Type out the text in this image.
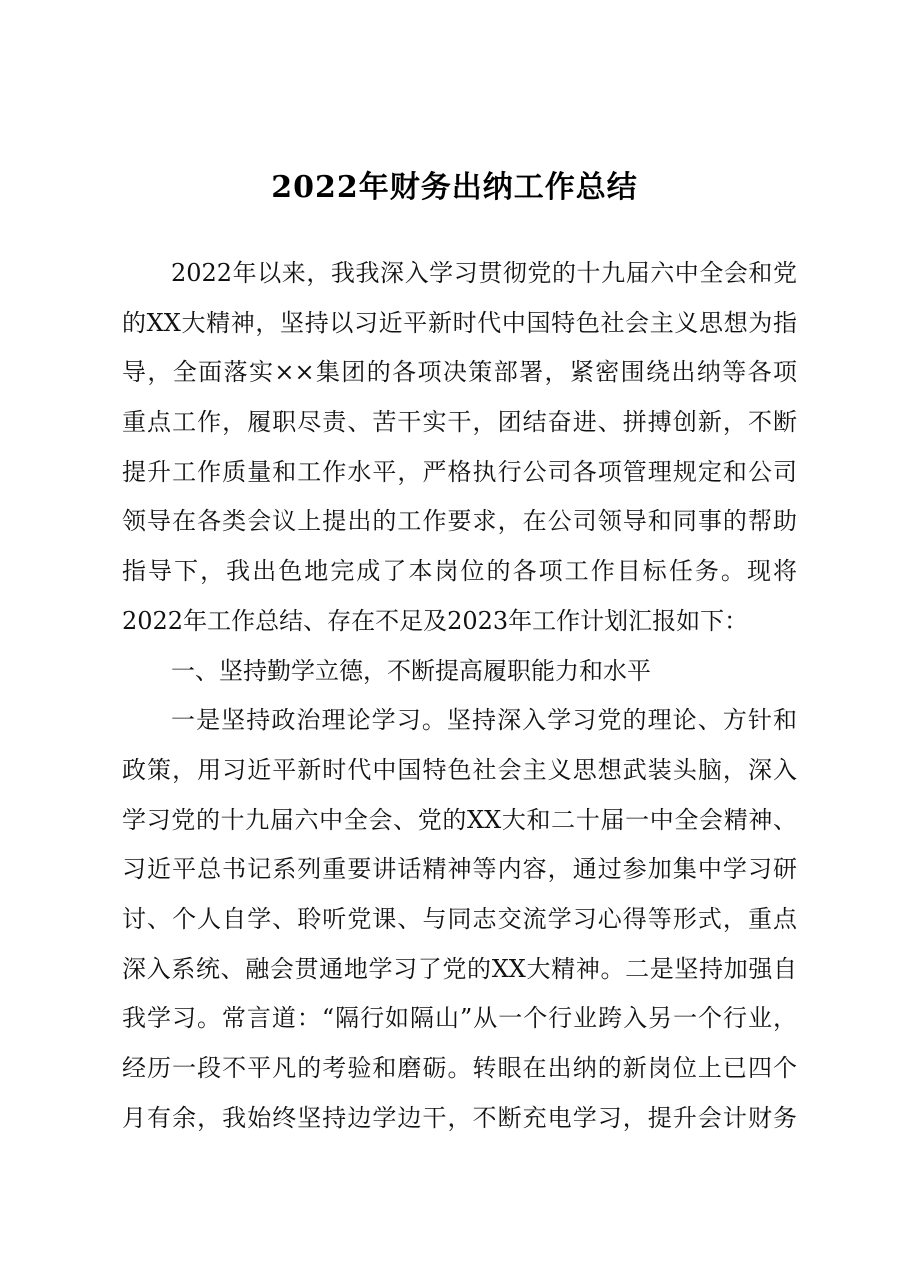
2022年财务出纳工作总结
2022年以来，我我深入学习贯彻党的十九届六中全会和党
的XX大精神，坚持以习近平新时代中国特色社会主义思想为指
导，全面落实××集团的各项决策部署，紧密围绕出纳等各项
重点工作，履职尽责、苦干实干，团结奋进、拼搏创新，不断
提升工作质量和工作水平，严格执行公司各项管理规定和公司
领导在各类会议上提出的工作要求，在公司领导和同事的帮助
指导下，我出色地完成了本岗位的各项工作目标任务。现将
2022年工作总结、存在不足及2023年工作计划汇报如下：
一、坚持勤学立德，不断提高履职能力和水平
一是坚持政治理论学习。坚持深入学习党的理论、方针和
政策，用习近平新时代中国特色社会主义思想武装头脑，深入
学习党的十九届六中全会、党的XX大和二十届一中全会精神、
习近平总书记系列重要讲话精神等内容，通过参加集中学习研
讨、个人自学、聆听党课、与同志交流学习心得等形式，重点
深入系统、融会贯通地学习了党的XX大精神。二是坚持加强自
我学习。常言道：“隔行如隔山”从一个行业跨入另一个行业，
经历一段不平凡的考验和磨砺。转眼在出纳的新岗位上已四个
月有余，我始终坚持边学边干，不断充电学习，提升会计财务
